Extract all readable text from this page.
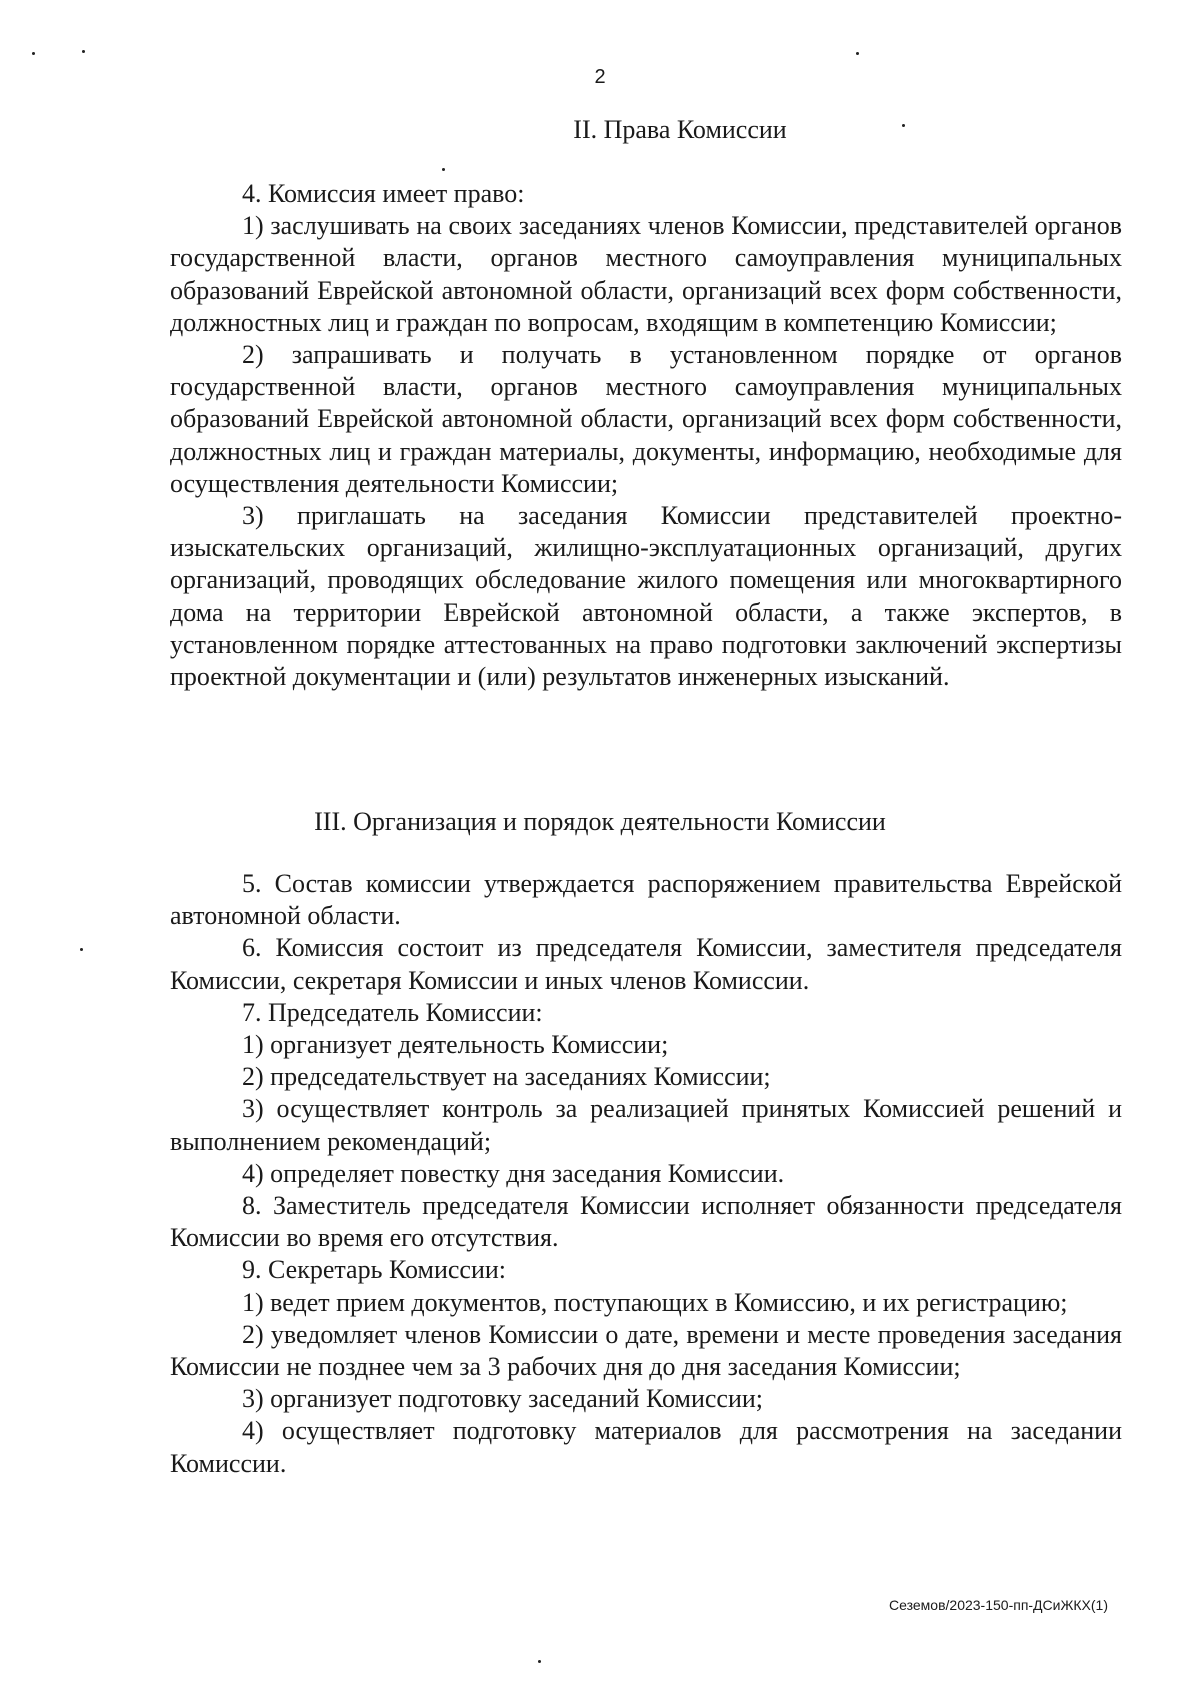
2
II. Права Комиссии

4. Комиссия имеет право:

1) заслушивать на своих заседаниях членов Комиссии, представителей органов государственной власти, органов местного самоуправления муниципальных образований Еврейской автономной области, организаций всех форм собственности, должностных лиц и граждан по вопросам, входящим в компетенцию Комиссии;

2) запрашивать и получать в установленном порядке от органов государственной власти, органов местного самоуправления муниципальных образований Еврейской автономной области, организаций всех форм собственности, должностных лиц и граждан материалы, документы, информацию, необходимые для осуществления деятельности Комиссии;

3) приглашать на заседания Комиссии представителей проектно-изыскательских организаций, жилищно-эксплуатационных организаций, других организаций, проводящих обследование жилого помещения или многоквартирного дома на территории Еврейской автономной области, а также экспертов, в установленном порядке аттестованных на право подготовки заключений экспертизы проектной документации и (или) результатов инженерных изысканий.

III. Организация и порядок деятельности Комиссии

5. Состав комиссии утверждается распоряжением правительства Еврейской автономной области.

6. Комиссия состоит из председателя Комиссии, заместителя председателя Комиссии, секретаря Комиссии и иных членов Комиссии.

7. Председатель Комиссии:

1) организует деятельность Комиссии;

2) председательствует на заседаниях Комиссии;

3) осуществляет контроль за реализацией принятых Комиссией решений и выполнением рекомендаций;

4) определяет повестку дня заседания Комиссии.

8. Заместитель председателя Комиссии исполняет обязанности председателя Комиссии во время его отсутствия.

9. Секретарь Комиссии:

1) ведет прием документов, поступающих в Комиссию, и их регистрацию;

2) уведомляет членов Комиссии о дате, времени и месте проведения заседания Комиссии не позднее чем за 3 рабочих дня до дня заседания Комиссии;

3) организует подготовку заседаний Комиссии;

4) осуществляет подготовку материалов для рассмотрения на заседании Комиссии.

Сеземов/2023-150-пп-ДСиЖКХ(1)
